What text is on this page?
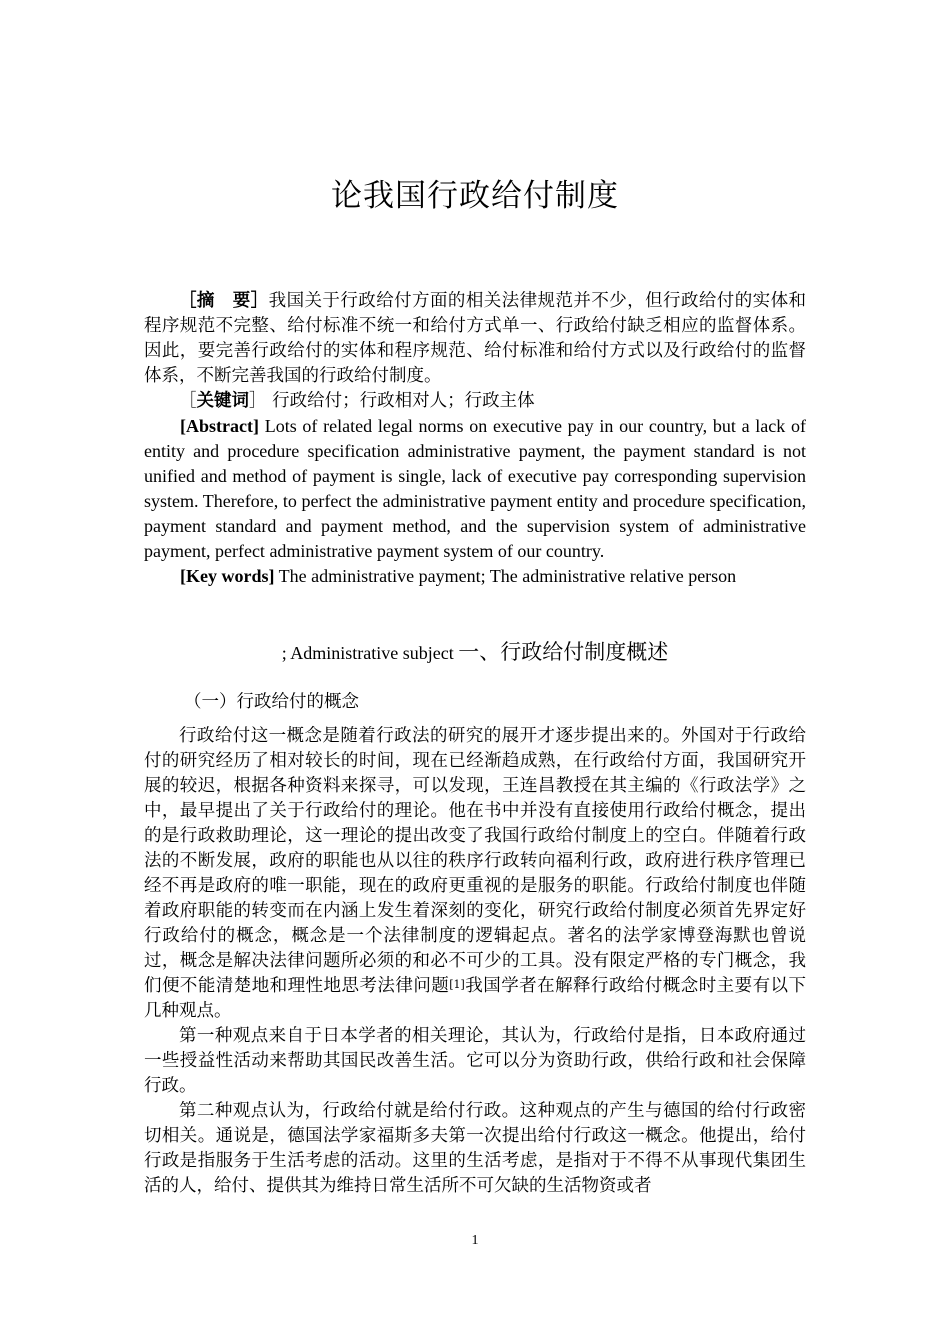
论我国行政给付制度

［摘　要］我国关于行政给付方面的相关法律规范并不少，但行政给付的实体和程序规范不完整、给付标准不统一和给付方式单一、行政给付缺乏相应的监督体系。因此，要完善行政给付的实体和程序规范、给付标准和给付方式以及行政给付的监督体系，不断完善我国的行政给付制度。

［关键词］ 行政给付；行政相对人；行政主体

[Abstract] Lots of related legal norms on executive pay in our country, but a lack of entity and procedure specification administrative payment, the payment standard is not unified and method of payment is single, lack of executive pay corresponding supervision system. Therefore, to perfect the administrative payment entity and procedure specification, payment standard and payment method, and the supervision system of administrative payment, perfect administrative payment system of our country.

[Key words] The administrative payment; The administrative relative person

; Administrative subject 一、行政给付制度概述
（一）行政给付的概念

行政给付这一概念是随着行政法的研究的展开才逐步提出来的。外国对于行政给付的研究经历了相对较长的时间，现在已经渐趋成熟，在行政给付方面，我国研究开展的较迟，根据各种资料来探寻，可以发现，王连昌教授在其主编的《行政法学》之中，最早提出了关于行政给付的理论。他在书中并没有直接使用行政给付概念，提出的是行政救助理论，这一理论的提出改变了我国行政给付制度上的空白。伴随着行政法的不断发展，政府的职能也从以往的秩序行政转向福利行政，政府进行秩序管理已经不再是政府的唯一职能，现在的政府更重视的是服务的职能。行政给付制度也伴随着政府职能的转变而在内涵上发生着深刻的变化，研究行政给付制度必须首先界定好行政给付的概念，概念是一个法律制度的逻辑起点。著名的法学家博登海默也曾说过，概念是解决法律问题所必须的和必不可少的工具。没有限定严格的专门概念，我们便不能清楚地和理性地思考法律问题[1]我国学者在解释行政给付概念时主要有以下几种观点。

第一种观点来自于日本学者的相关理论，其认为，行政给付是指，日本政府通过一些授益性活动来帮助其国民改善生活。它可以分为资助行政，供给行政和社会保障行政。

第二种观点认为，行政给付就是给付行政。这种观点的产生与德国的给付行政密切相关。通说是，德国法学家福斯多夫第一次提出给付行政这一概念。他提出，给付行政是指服务于生活考虑的活动。这里的生活考虑，是指对于不得不从事现代集团生活的人，给付、提供其为维持日常生活所不可欠缺的生活物资或者

1
